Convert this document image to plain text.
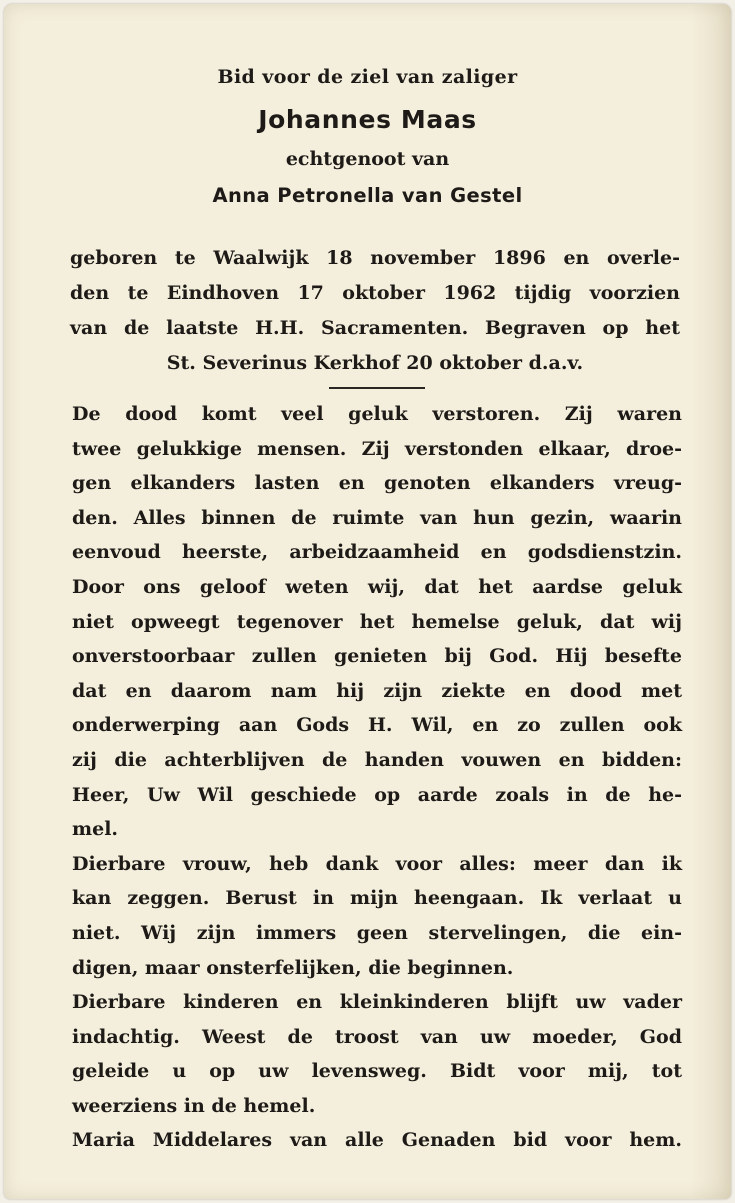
Bid voor de ziel van zaliger
Johannes Maas
echtgenoot van
Anna Petronella van Gestel
geboren te Waalwijk 18 november 1896 en overle-
den te Eindhoven 17 oktober 1962 tijdig voorzien
van de laatste H.H. Sacramenten. Begraven op het
St. Severinus Kerkhof 20 oktober d.a.v.
De dood komt veel geluk verstoren. Zij waren
twee gelukkige mensen. Zij verstonden elkaar, droe-
gen elkanders lasten en genoten elkanders vreug-
den. Alles binnen de ruimte van hun gezin, waarin
eenvoud heerste, arbeidzaamheid en godsdienstzin.
Door ons geloof weten wij, dat het aardse geluk
niet opweegt tegenover het hemelse geluk, dat wij
onverstoorbaar zullen genieten bij God. Hij besefte
dat en daarom nam hij zijn ziekte en dood met
onderwerping aan Gods H. Wil, en zo zullen ook
zij die achterblijven de handen vouwen en bidden:
Heer, Uw Wil geschiede op aarde zoals in de he-
mel.
Dierbare vrouw, heb dank voor alles: meer dan ik
kan zeggen. Berust in mijn heengaan. Ik verlaat u
niet. Wij zijn immers geen stervelingen, die ein-
digen, maar onsterfelijken, die beginnen.
Dierbare kinderen en kleinkinderen blijft uw vader
indachtig. Weest de troost van uw moeder, God
geleide u op uw levensweg. Bidt voor mij, tot
weerziens in de hemel.
Maria Middelares van alle Genaden bid voor hem.
